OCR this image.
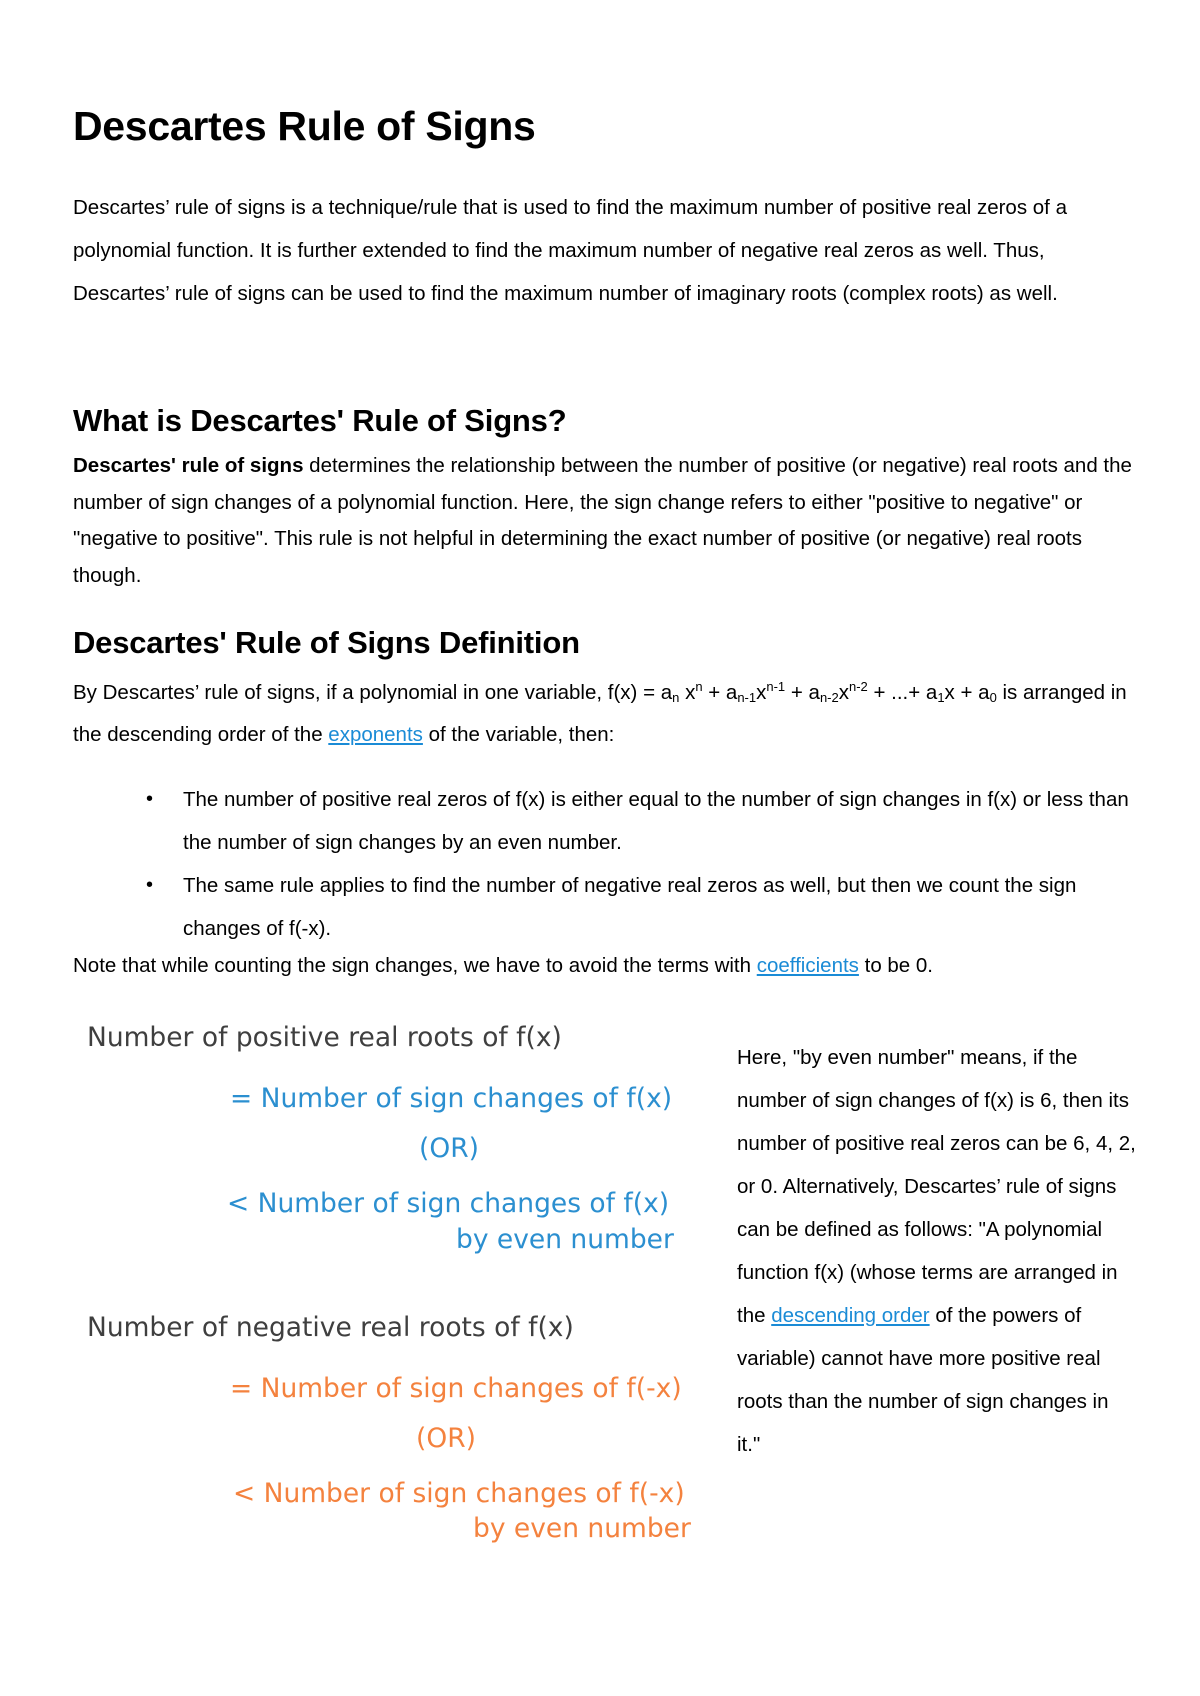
Descartes Rule of Signs

Descartes’ rule of signs is a technique/rule that is used to find the maximum number of positive real zeros of a polynomial function. It is further extended to find the maximum number of negative real zeros as well. Thus, Descartes’ rule of signs can be used to find the maximum number of imaginary roots (complex roots) as well.

What is Descartes' Rule of Signs?

Descartes' rule of signs determines the relationship between the number of positive (or negative) real roots and the number of sign changes of a polynomial function. Here, the sign change refers to either "positive to negative" or "negative to positive". This rule is not helpful in determining the exact number of positive (or negative) real roots though.

Descartes' Rule of Signs Definition

By Descartes’ rule of signs, if a polynomial in one variable, $f(x) = a_n$ $x^n + a_{n-1}x^{n-1} + a_{n-2}x^{n-2}$ + ...+ $a_1x + a_0$ is arranged in the descending order of the exponents of the variable, then:

• The number of positive real zeros of f(x) is either equal to the number of sign changes in f(x) or less than the number of sign changes by an even number.
• The same rule applies to find the number of negative real zeros as well, but then we count the sign changes of f(-x).

Note that while counting the sign changes, we have to avoid the terms with coefficients to be 0.

Number of positive real roots of f(x)
= Number of sign changes of f(x)
(OR)
< Number of sign changes of f(x)
by even number
Number of negative real roots of f(x)
= Number of sign changes of f(-x)
(OR)
< Number of sign changes of f(-x)
by even number

Here, "by even number" means, if the number of sign changes of f(x) is 6, then its number of positive real zeros can be 6, 4, 2, or 0. Alternatively, Descartes’ rule of signs can be defined as follows: "A polynomial function f(x) (whose terms are arranged in the descending order of the powers of variable) cannot have more positive real roots than the number of sign changes in it."
